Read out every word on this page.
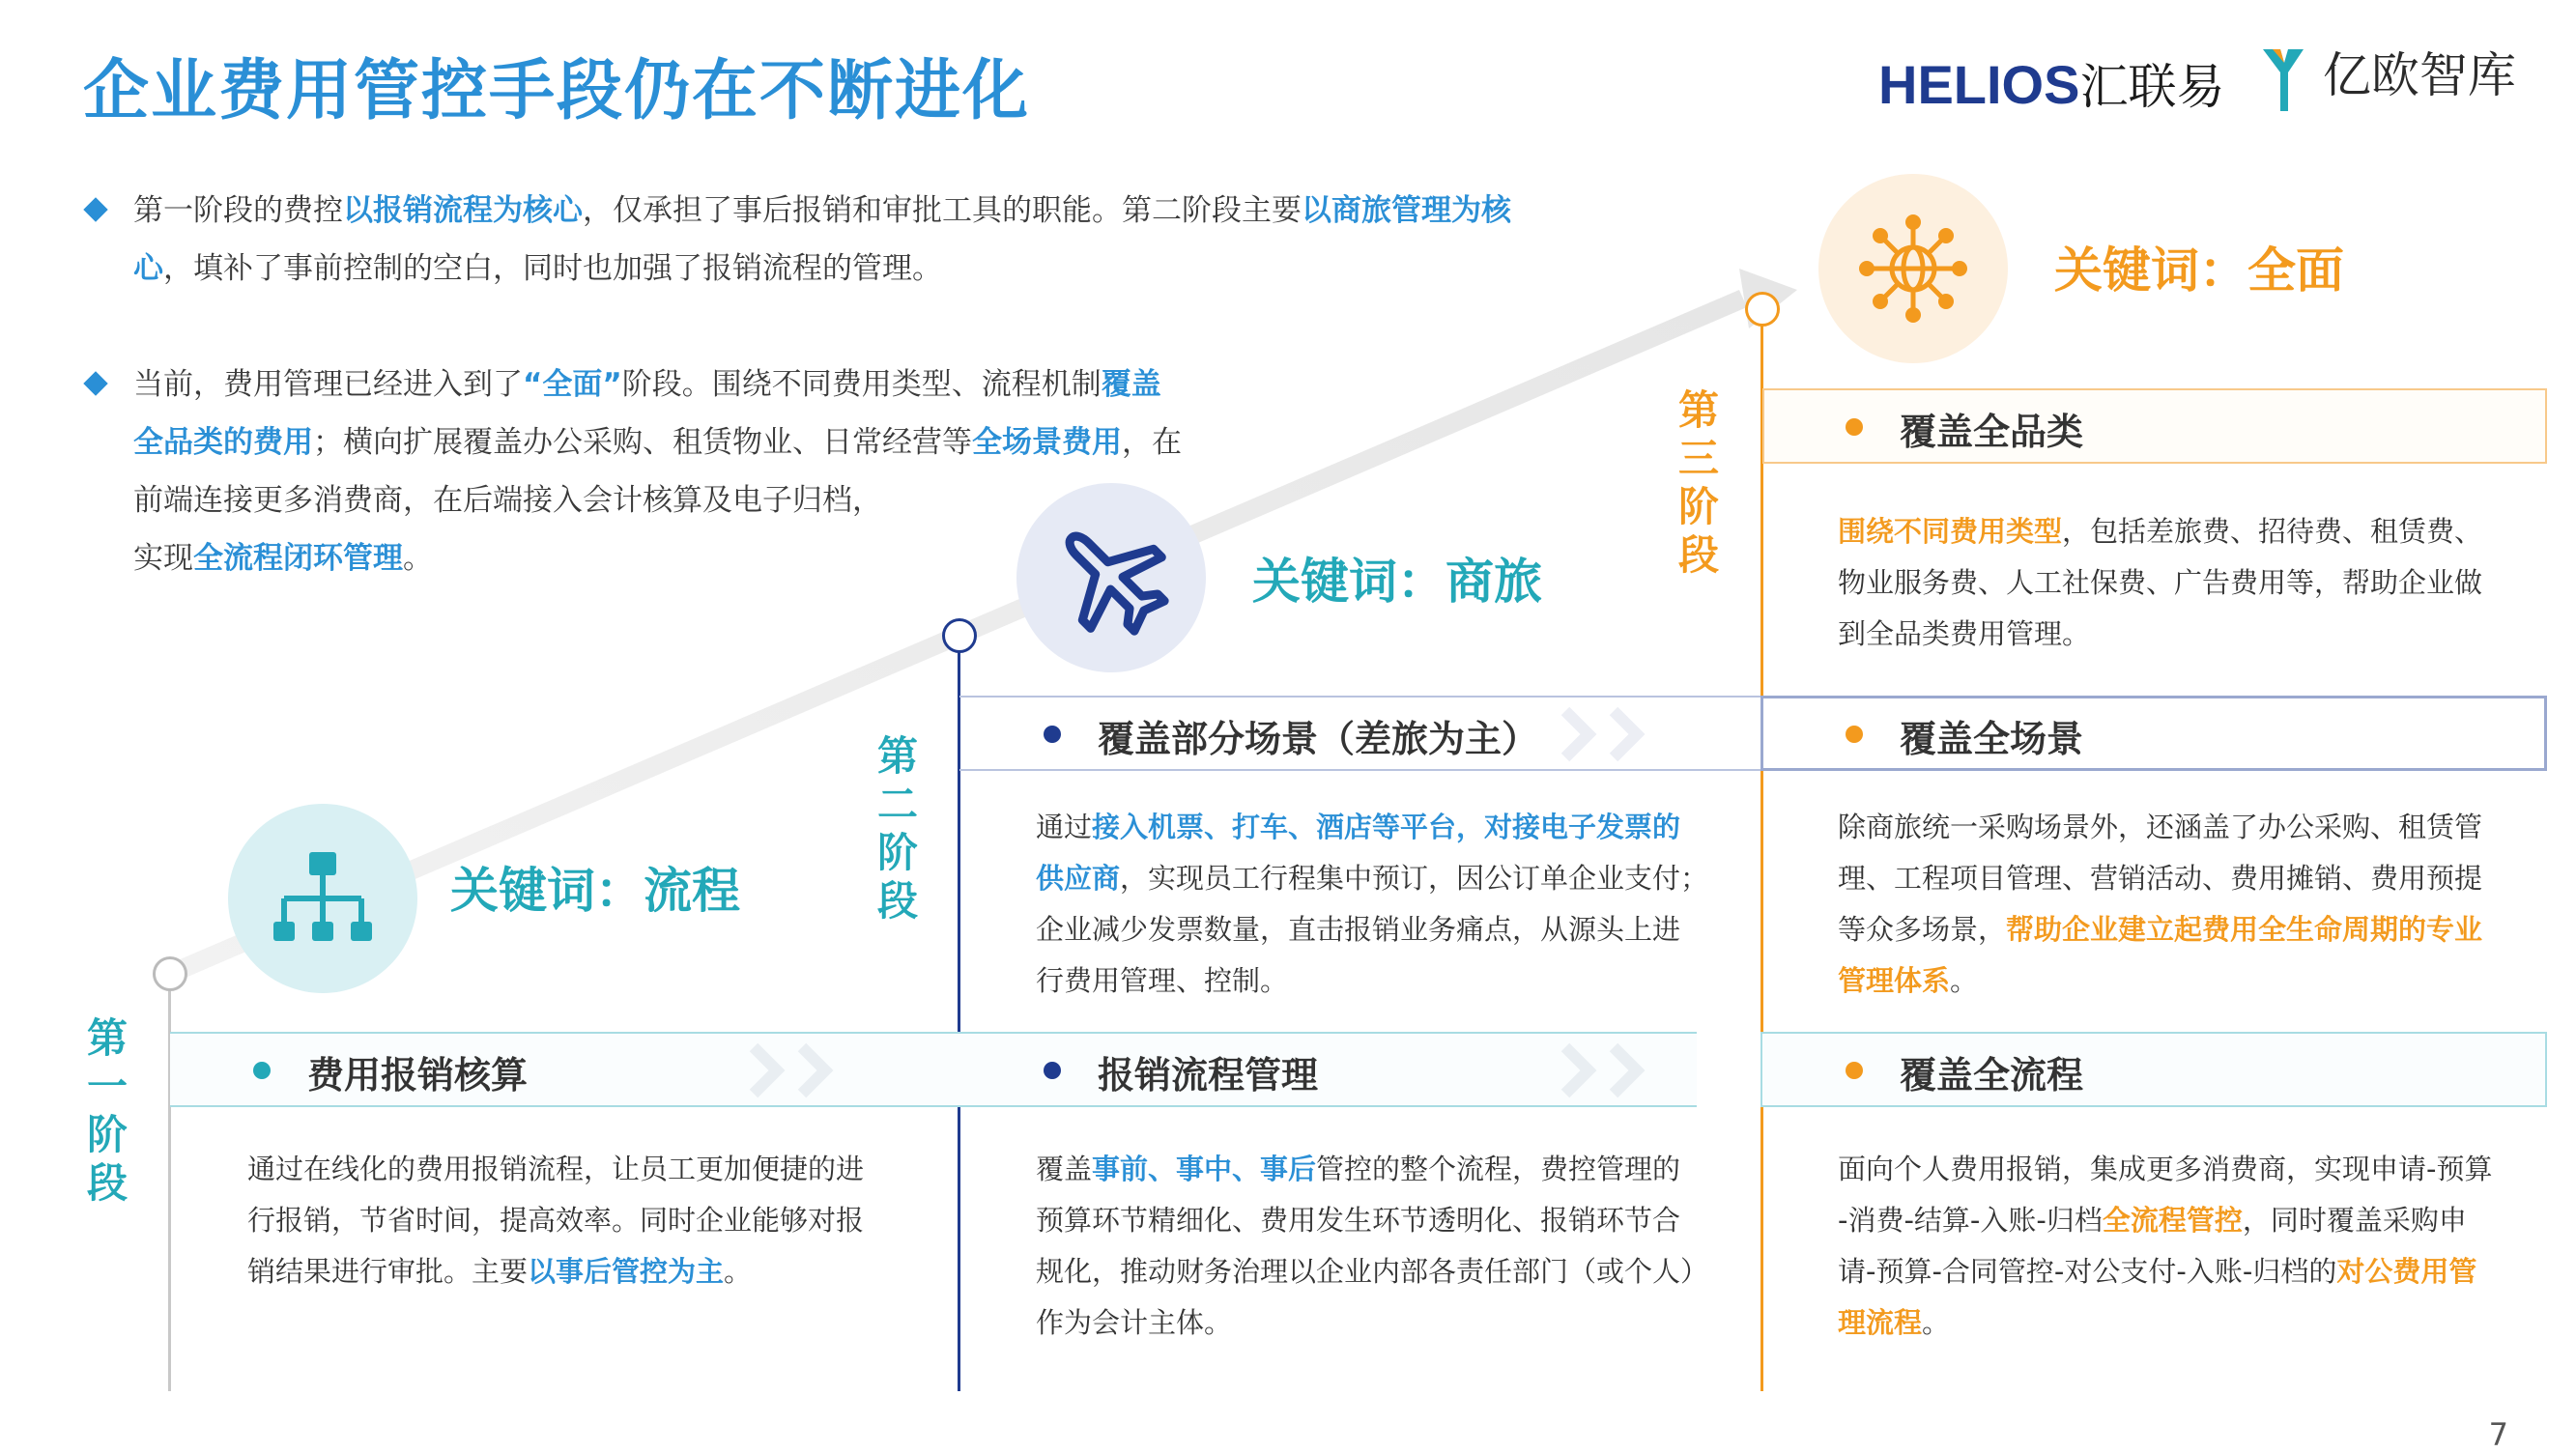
企业费用管控手段仍在不断进化	HELIOS汇联易	亿欧智库
第一阶段的费控以报销流程为核心，仅承担了事后报销和审批工具的职能。第二阶段主要以商旅管理为核
心，填补了事前控制的空白，同时也加强了报销流程的管理。
当前，费用管理已经进入到了“全面”阶段。围绕不同费用类型、流程机制覆盖
全品类的费用；横向扩展覆盖办公采购、租赁物业、日常经营等全场景费用，在
前端连接更多消费商，在后端接入会计核算及电子归档，
实现全流程闭环管理。
第一阶段
第二阶段
第三阶段
关键词：流程
关键词：商旅
关键词：全面
费用报销核算	报销流程管理	覆盖全流程
覆盖部分场景（差旅为主）	覆盖全场景
覆盖全品类
通过在线化的费用报销流程，让员工更加便捷的进
行报销，节省时间，提高效率。同时企业能够对报
销结果进行审批。主要以事后管控为主。
覆盖事前、事中、事后管控的整个流程，费控管理的
预算环节精细化、费用发生环节透明化、报销环节合
规化，推动财务治理以企业内部各责任部门（或个人）
作为会计主体。
面向个人费用报销，集成更多消费商，实现申请-预算
-消费-结算-入账-归档全流程管控，同时覆盖采购申
请-预算-合同管控-对公支付-入账-归档的对公费用管
理流程。
通过接入机票、打车、酒店等平台，对接电子发票的
供应商，实现员工行程集中预订，因公订单企业支付；
企业减少发票数量，直击报销业务痛点，从源头上进
行费用管理、控制。
除商旅统一采购场景外，还涵盖了办公采购、租赁管
理、工程项目管理、营销活动、费用摊销、费用预提
等众多场景，帮助企业建立起费用全生命周期的专业
管理体系。
围绕不同费用类型，包括差旅费、招待费、租赁费、
物业服务费、人工社保费、广告费用等，帮助企业做
到全品类费用管理。
7
